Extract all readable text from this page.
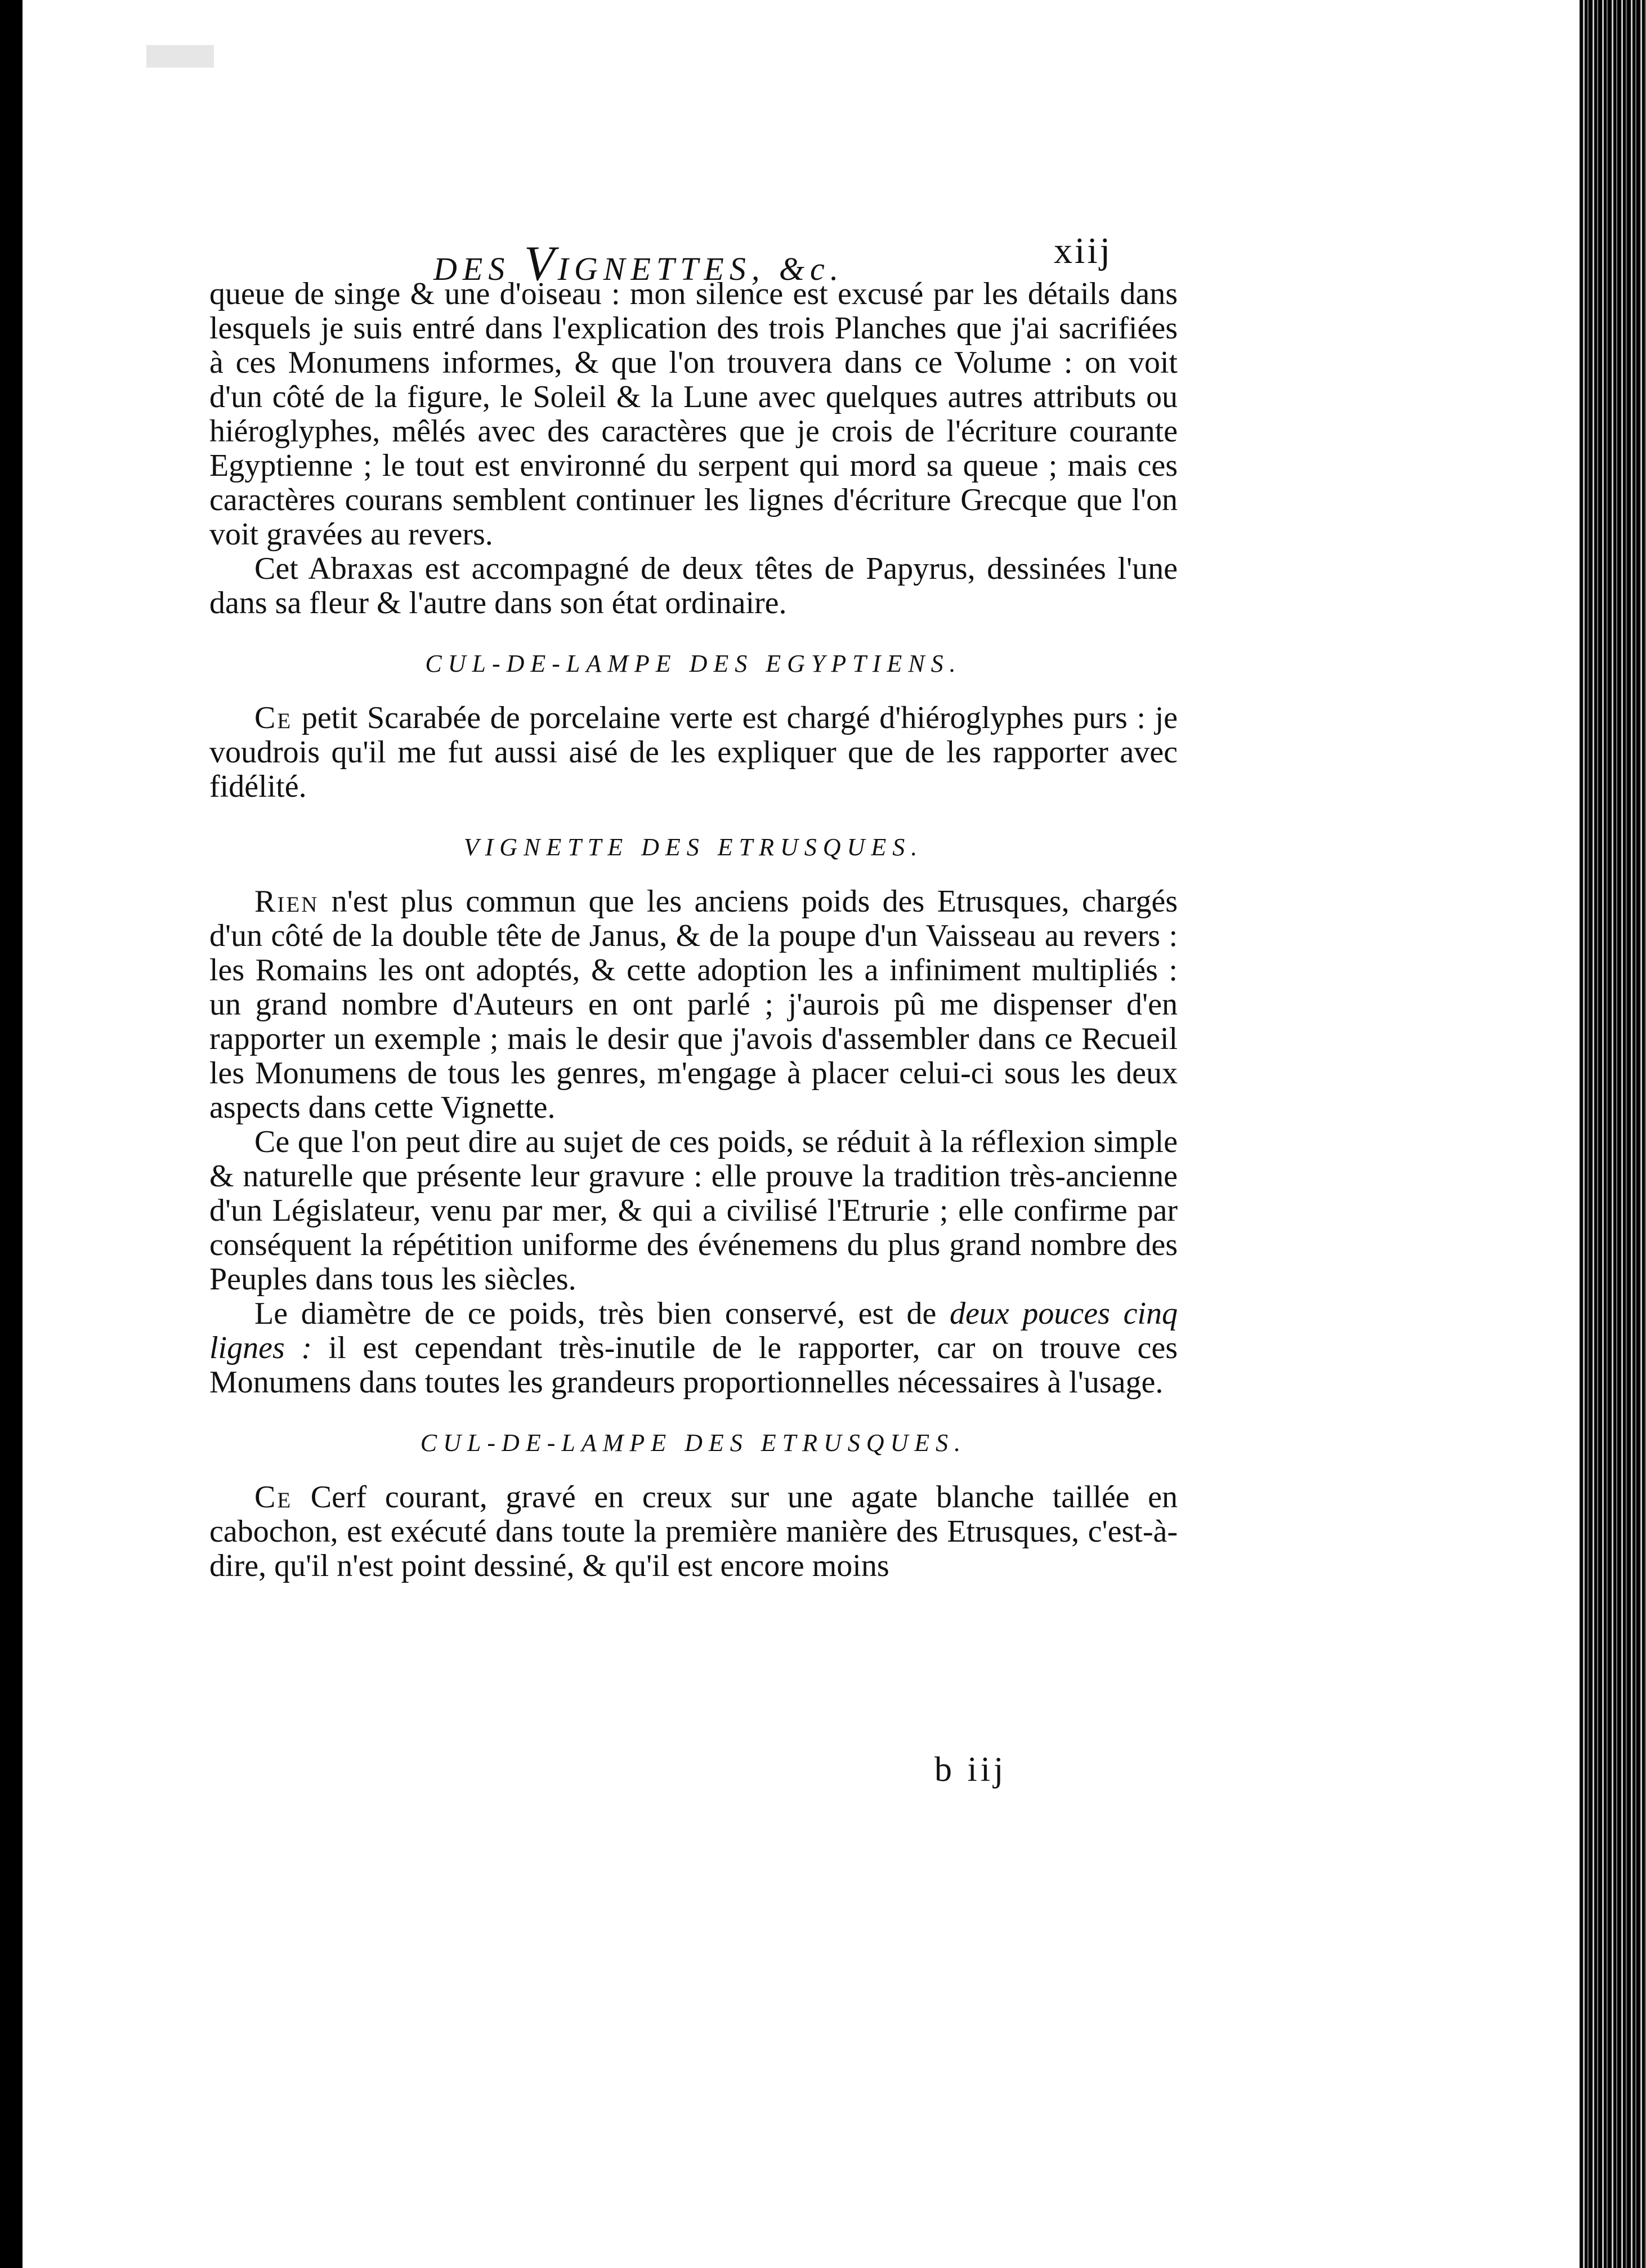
DES VIGNETTES, &c.	xiij

queue de singe & une d'oiseau : mon silence est excusé par les détails dans lesquels je suis entré dans l'explication des trois Planches que j'ai sacrifiées à ces Monumens informes, & que l'on trouvera dans ce Volume : on voit d'un côté de la figure, le Soleil & la Lune avec quelques autres attributs ou hiéroglyphes, mêlés avec des caractères que je crois de l'écriture courante Egyptienne ; le tout est environné du serpent qui mord sa queue ; mais ces caractères courans semblent continuer les lignes d'écriture Grecque que l'on voit gravées au revers.

Cet Abraxas est accompagné de deux têtes de Papyrus, dessinées l'une dans sa fleur & l'autre dans son état ordinaire.

CUL-DE-LAMPE DES EGYPTIENS.

Ce petit Scarabée de porcelaine verte est chargé d'hiéroglyphes purs : je voudrois qu'il me fut aussi aisé de les expliquer que de les rapporter avec fidélité.

VIGNETTE DES ETRUSQUES.

Rien n'est plus commun que les anciens poids des Etrusques, chargés d'un côté de la double tête de Janus, & de la poupe d'un Vaisseau au revers : les Romains les ont adoptés, & cette adoption les a infiniment multipliés : un grand nombre d'Auteurs en ont parlé ; j'aurois pû me dispenser d'en rapporter un exemple ; mais le desir que j'avois d'assembler dans ce Recueil les Monumens de tous les genres, m'engage à placer celui-ci sous les deux aspects dans cette Vignette.

Ce que l'on peut dire au sujet de ces poids, se réduit à la réflexion simple & naturelle que présente leur gravure : elle prouve la tradition très-ancienne d'un Législateur, venu par mer, & qui a civilisé l'Etrurie ; elle confirme par conséquent la répétition uniforme des événemens du plus grand nombre des Peuples dans tous les siècles.

Le diamètre de ce poids, très bien conservé, est de deux pouces cinq lignes : il est cependant très-inutile de le rapporter, car on trouve ces Monumens dans toutes les grandeurs proportionnelles nécessaires à l'usage.

CUL-DE-LAMPE DES ETRUSQUES.

Ce Cerf courant, gravé en creux sur une agate blanche taillée en cabochon, est exécuté dans toute la première manière des Etrusques, c'est-à-dire, qu'il n'est point dessiné, & qu'il est encore moins

b iij
